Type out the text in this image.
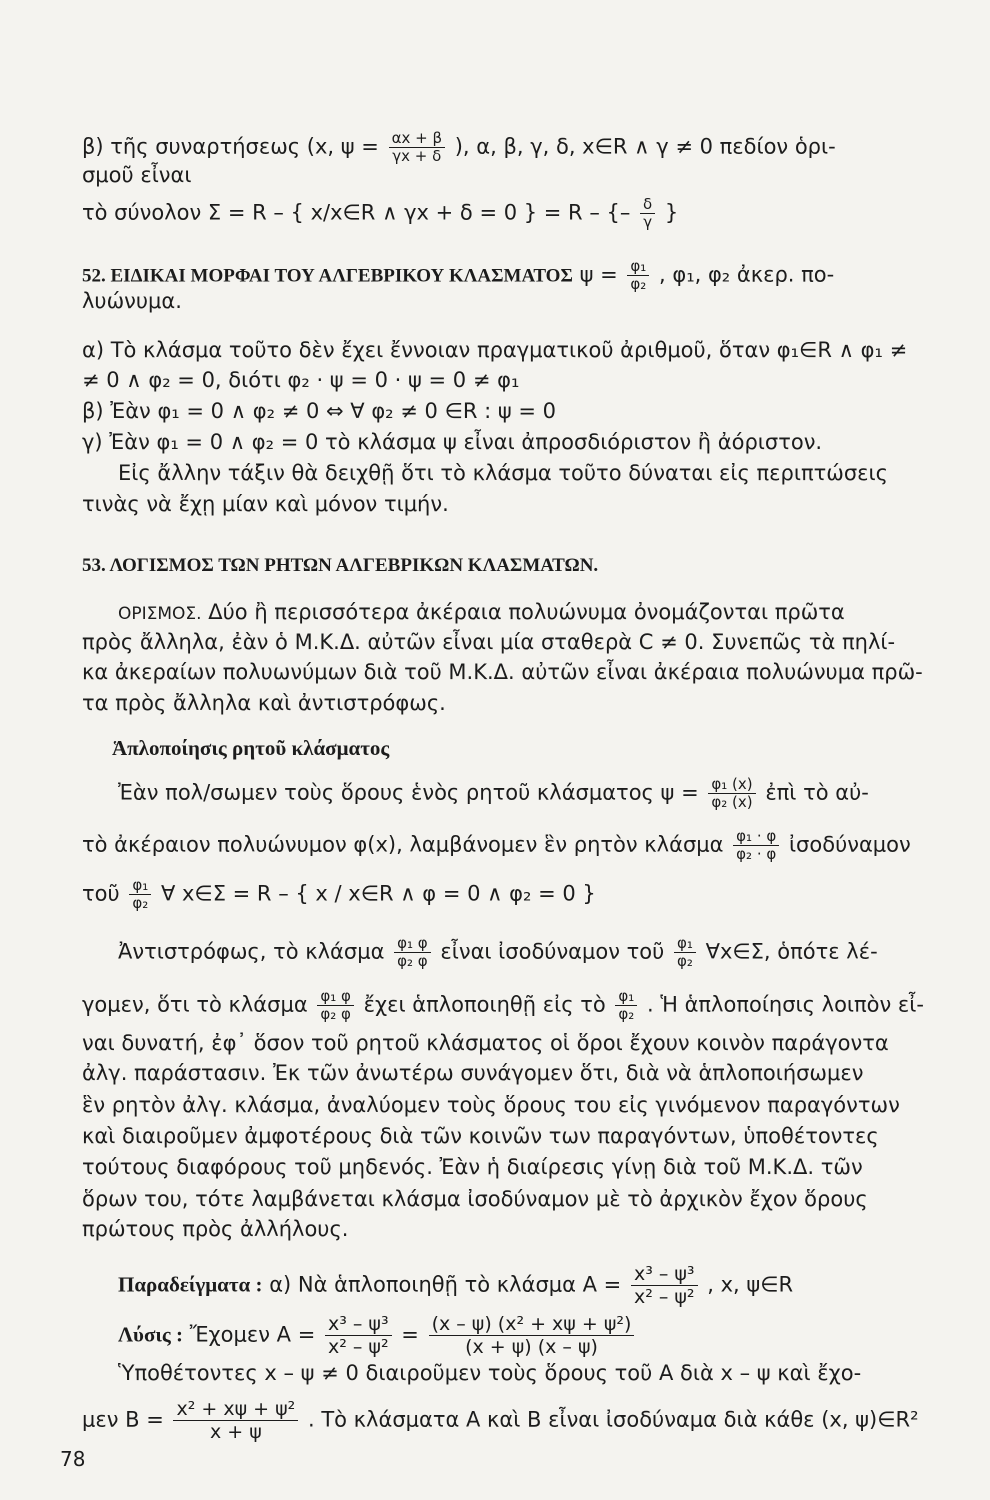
β) τῆς συναρτήσεως (x, $\psi = \frac{\alpha x + \beta}{\gamma x + \delta}$ ), α, β, γ, δ, x∈R ∧ γ ≠ 0 πεδίον ὁρι-
σμοῦ εἶναι
τὸ σύνολον Σ = R – { x/x∈R ∧ γx + δ = 0 } = R – {– $\frac{\delta}{\gamma}$ }
52. ΕΙΔΙΚΑΙ ΜΟΡΦΑΙ ΤΟΥ ΑΛΓΕΒΡΙΚΟΥ ΚΛΑΣΜΑΤΟΣ $\psi = \frac{\text{φ₁}}{\text{φ₂}}$ , φ₁, φ₂ ἀκερ. πο-
λυώνυμα.
α) Τὸ κλάσμα τοῦτο δὲν ἔχει ἔννοιαν πραγματικοῦ ἀριθμοῦ, ὅταν φ₁∈R ∧ φ₁ ≠
≠ 0 ∧ φ₂ = 0, διότι φ₂ · ψ = 0 · ψ = 0 ≠ φ₁
β) Ἐὰν φ₁ = 0 ∧ φ₂ ≠ 0 ⇔ ∀ φ₂ ≠ 0 ∈R : ψ = 0
γ) Ἐὰν φ₁ = 0 ∧ φ₂ = 0 τὸ κλάσμα ψ εἶναι ἀπροσδιόριστον ἢ ἀόριστον.
Εἰς ἄλλην τάξιν θὰ δειχθῇ ὅτι τὸ κλάσμα τοῦτο δύναται εἰς περιπτώσεις
τινὰς νὰ ἔχῃ μίαν καὶ μόνον τιμήν.
53. ΛΟΓΙΣΜΟΣ ΤΩΝ ΡΗΤΩΝ ΑΛΓΕΒΡΙΚΩΝ ΚΛΑΣΜΑΤΩΝ.
ΟΡΙΣΜΟΣ. Δύο ἢ περισσότερα ἀκέραια πολυώνυμα ὀνομάζονται πρῶτα
πρὸς ἄλληλα, ἐὰν ὁ Μ.Κ.Δ. αὐτῶν εἶναι μία σταθερὰ C ≠ 0. Συνεπῶς τὰ πηλί-
κα ἀκεραίων πολυωνύμων διὰ τοῦ Μ.Κ.Δ. αὐτῶν εἶναι ἀκέραια πολυώνυμα πρῶ-
τα πρὸς ἄλληλα καὶ ἀντιστρόφως.
Ἁπλοποίησις ρητοῦ κλάσματος
Ἐὰν πολ/σωμεν τοὺς ὅρους ἑνὸς ρητοῦ κλάσματος $\psi = \frac{\text{φ₁ (x)}}{\text{φ₂ (x)}}$ ἐπὶ τὸ αὐ-
τὸ ἀκέραιον πολυώνυμον φ(x), λαμβάνομεν ἓν ρητὸν κλάσμα $\frac{\text{φ₁ · φ}}{\text{φ₂ · φ}}$ ἰσοδύναμον
τοῦ $\frac{\text{φ₁}}{\text{φ₂}}$ ∀ x∈Σ = R – { x / x∈R ∧ φ = 0 ∧ φ₂ = 0 }
Ἀντιστρόφως, τὸ κλάσμα $\frac{\text{φ₁ φ}}{\text{φ₂ φ}}$ εἶναι ἰσοδύναμον τοῦ $\frac{\text{φ₁}}{\text{φ₂}}$ ∀x∈Σ, ὁπότε λέ-
γομεν, ὅτι τὸ κλάσμα $\frac{\text{φ₁ φ}}{\text{φ₂ φ}}$ ἔχει ἁπλοποιηθῇ εἰς τὸ $\frac{\text{φ₁}}{\text{φ₂}}$ . Ἡ ἁπλοποίησις λοιπὸν εἶ-
ναι δυνατή, ἐφ᾽ ὅσον τοῦ ρητοῦ κλάσματος οἱ ὅροι ἔχουν κοινὸν παράγοντα
ἀλγ. παράστασιν. Ἐκ τῶν ἀνωτέρω συνάγομεν ὅτι, διὰ νὰ ἁπλοποιήσωμεν
ἓν ρητὸν ἀλγ. κλάσμα, ἀναλύομεν τοὺς ὅρους του εἰς γινόμενον παραγόντων
καὶ διαιροῦμεν ἀμφοτέρους διὰ τῶν κοινῶν των παραγόντων, ὑποθέτοντες
τούτους διαφόρους τοῦ μηδενός. Ἐὰν ἡ διαίρεσις γίνῃ διὰ τοῦ Μ.Κ.Δ. τῶν
ὅρων του, τότε λαμβάνεται κλάσμα ἰσοδύναμον μὲ τὸ ἀρχικὸν ἔχον ὅρους
πρώτους πρὸς ἀλλήλους.
Παραδείγματα : α) Νὰ ἁπλοποιηθῇ τὸ κλάσμα $A = \frac{\text{x³ – ψ³}}{\text{x² – ψ²}}$ , x, ψ∈R
Λύσις : Ἔχομεν $A = \frac{\text{x³ – ψ³}}{\text{x² – ψ²}} = \frac{\text{(x – ψ) (x² + xψ + ψ²)}}{(x + \psi) (x - \psi)}$
Ὑποθέτοντες x – ψ ≠ 0 διαιροῦμεν τοὺς ὅρους τοῦ Α διὰ x – ψ καὶ ἔχο-
μεν $B = \frac{\text{x² + xψ + ψ²}}{x + \psi}$ . Τὸ κλάσματα Α καὶ Β εἶναι ἰσοδύναμα διὰ κάθε (x, ψ)∈R²
78
